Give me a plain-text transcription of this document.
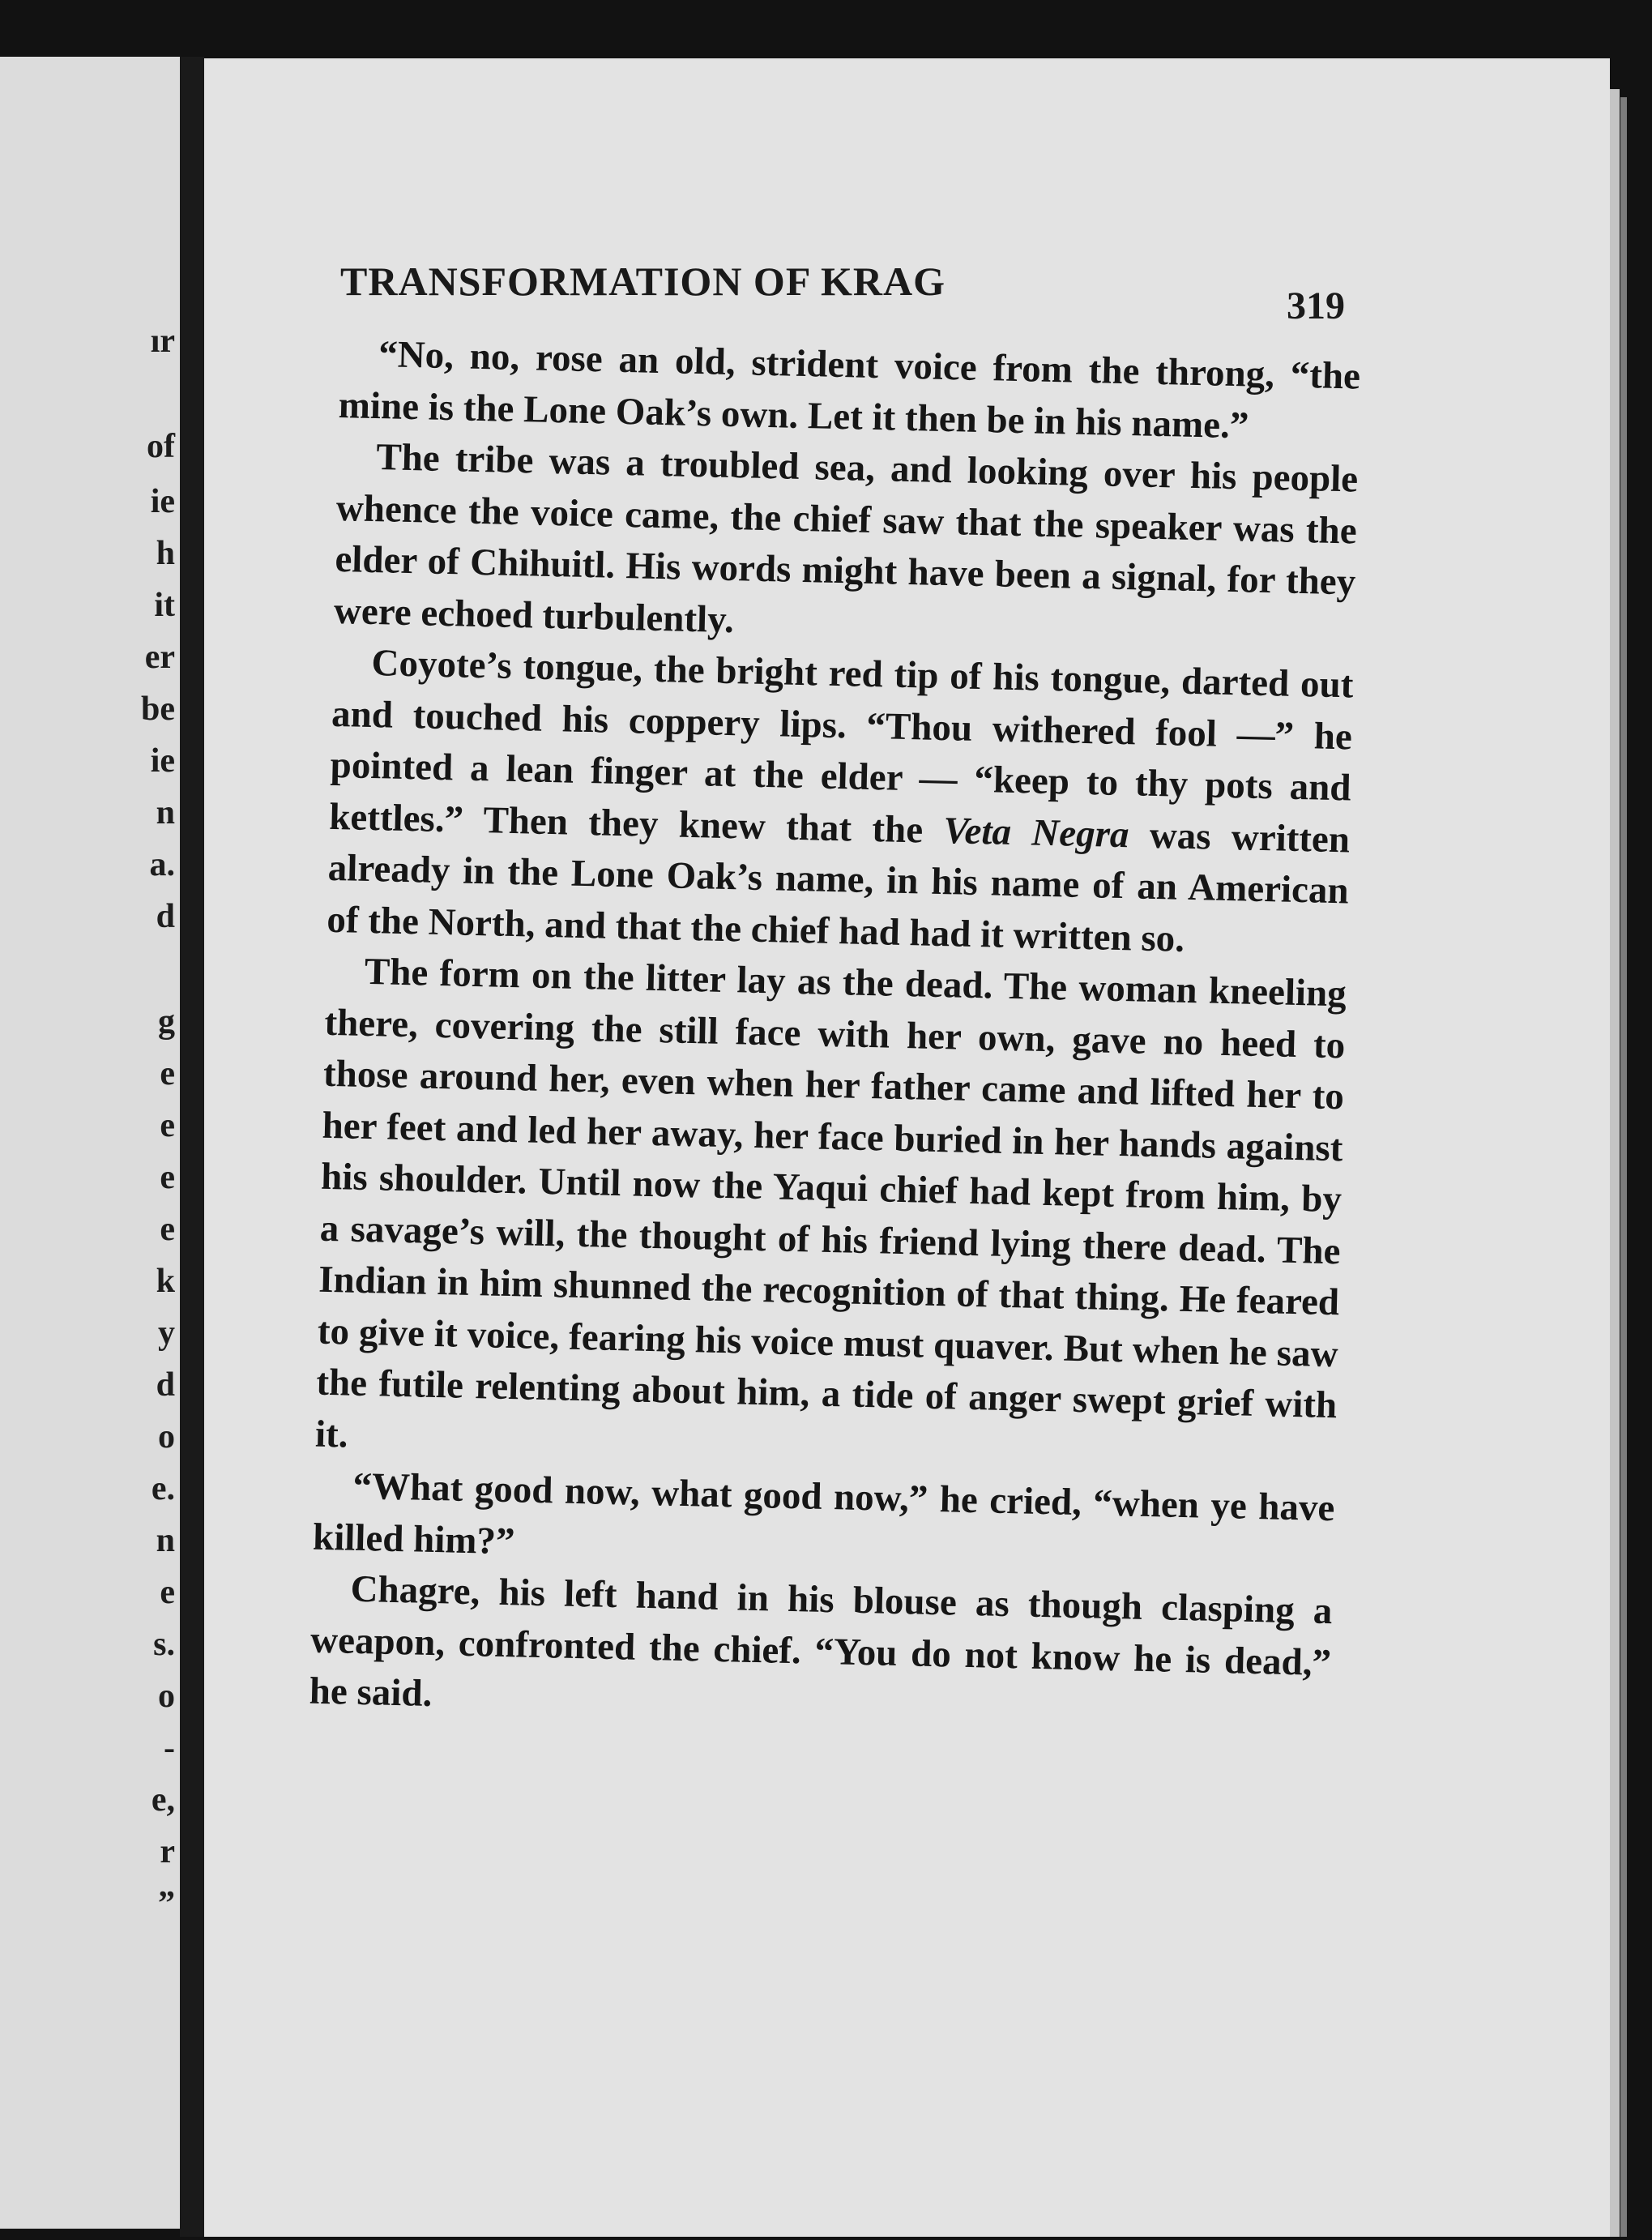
ır
of
ie
h
it
er
be
ie
n
a.
d
g
e
e
e
e
k
y
d
o
e.
n
e
s.
o
-
e,
r
”
TRANSFORMATION OF KRAG
319

“No, no, rose an old, strident voice from the throng, “the mine is the Lone Oak’s own. Let it then be in his name.”

The tribe was a troubled sea, and looking over his people whence the voice came, the chief saw that the speaker was the elder of Chihuitl. His words might have been a signal, for they were echoed turbulently.

Coyote’s tongue, the bright red tip of his tongue, darted out and touched his coppery lips. “Thou withered fool —” he pointed a lean finger at the elder — “keep to thy pots and kettles.” Then they knew that the Veta Negra was written already in the Lone Oak’s name, in his name of an American of the North, and that the chief had had it written so.

The form on the litter lay as the dead. The woman kneeling there, covering the still face with her own, gave no heed to those around her, even when her father came and lifted her to her feet and led her away, her face buried in her hands against his shoulder. Until now the Yaqui chief had kept from him, by a savage’s will, the thought of his friend lying there dead. The Indian in him shunned the recognition of that thing. He feared to give it voice, fearing his voice must quaver. But when he saw the futile relenting about him, a tide of anger swept grief with it.

“What good now, what good now,” he cried, “when ye have killed him?”

Chagre, his left hand in his blouse as though clasping a weapon, confronted the chief. “You do not know he is dead,” he said.
